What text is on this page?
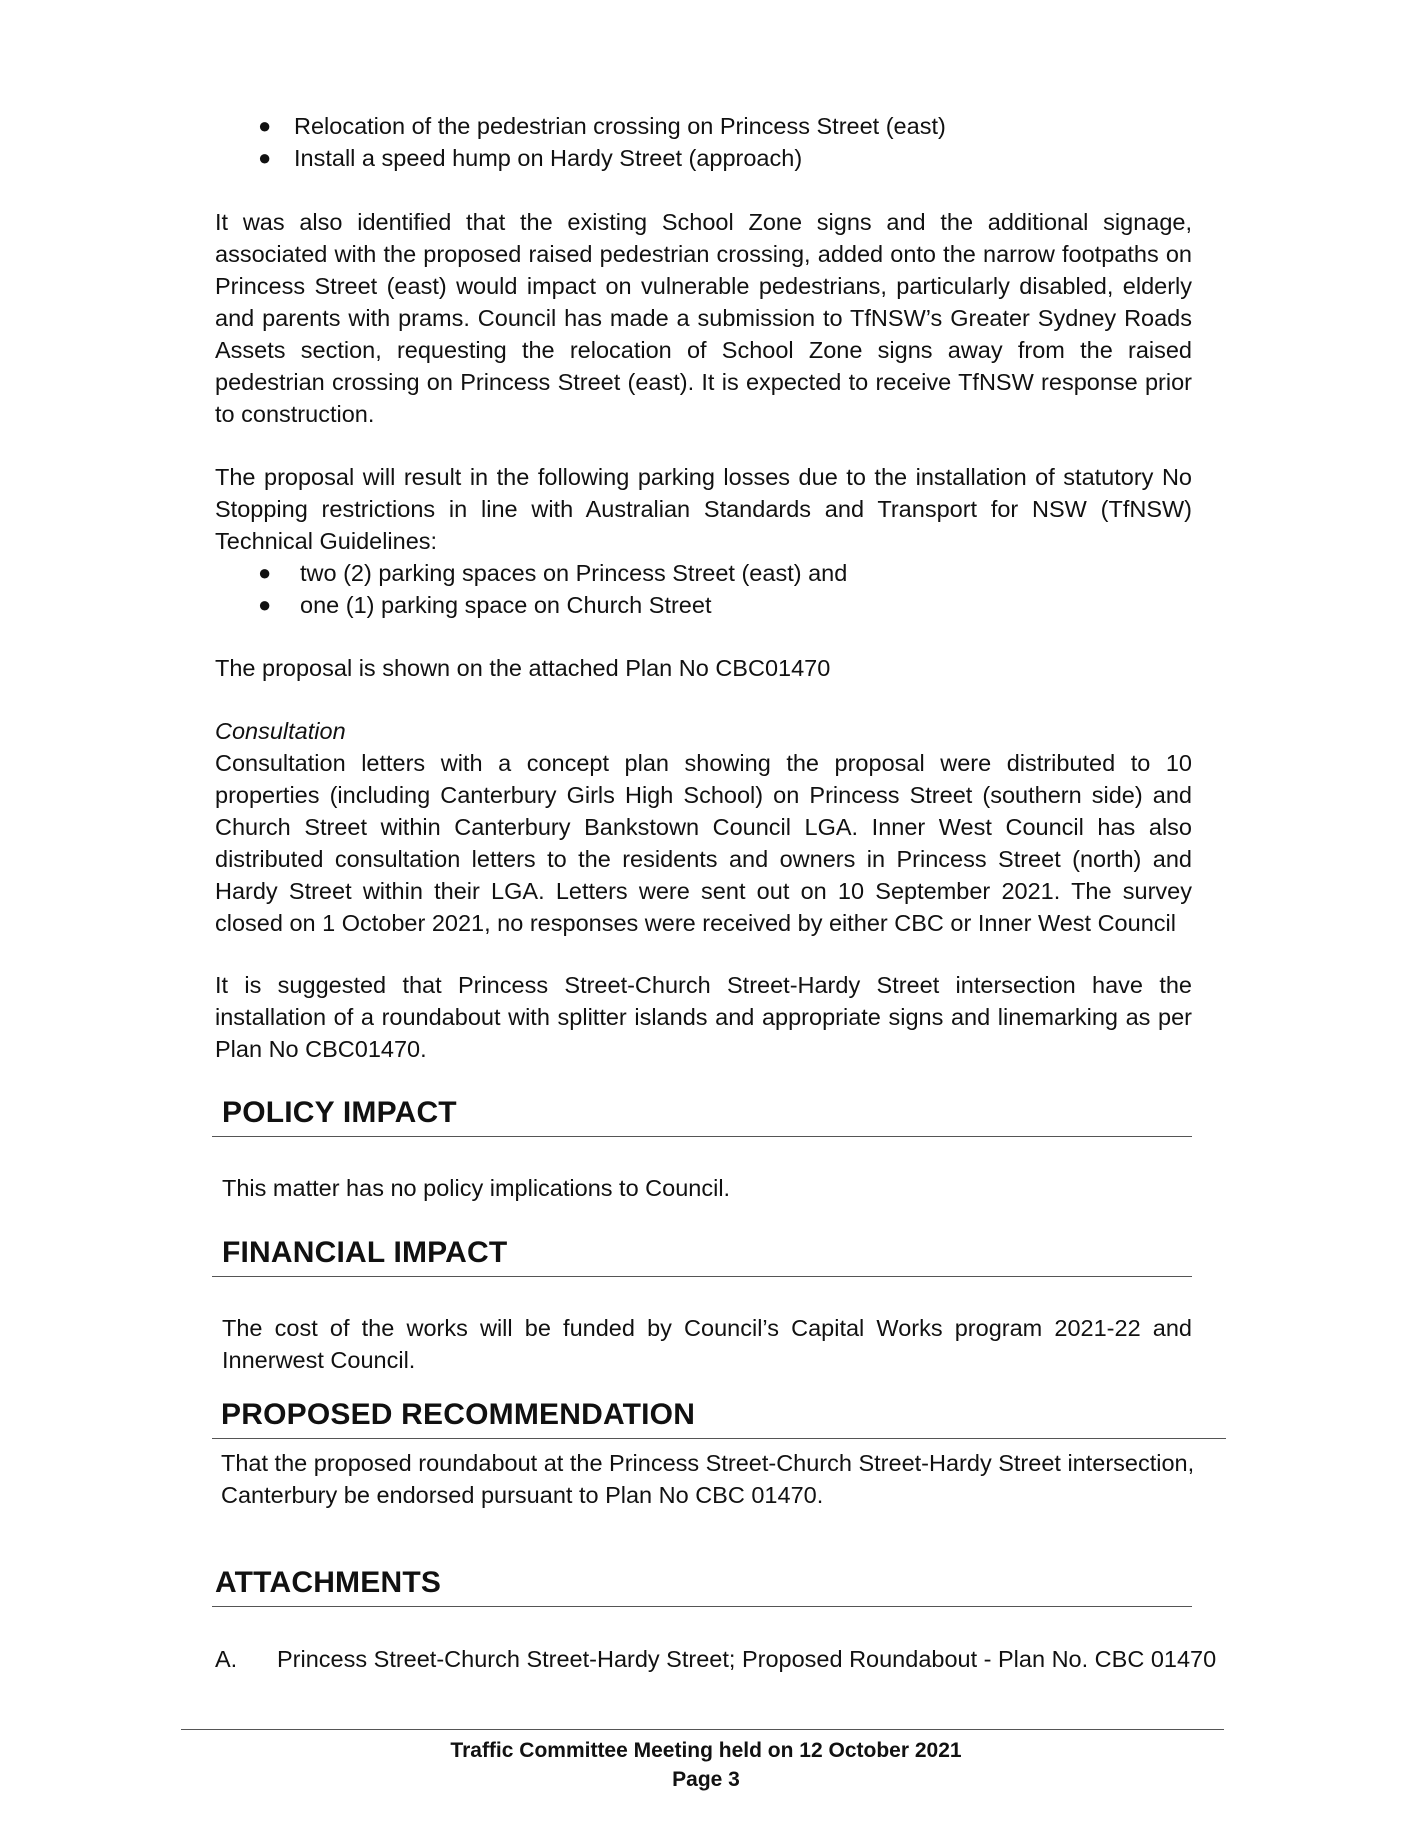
● Relocation of the pedestrian crossing on Princess Street (east)
● Install a speed hump on Hardy Street (approach)

It was also identified that the existing School Zone signs and the additional signage, associated with the proposed raised pedestrian crossing, added onto the narrow footpaths on Princess Street (east) would impact on vulnerable pedestrians, particularly disabled, elderly and parents with prams. Council has made a submission to TfNSW’s Greater Sydney Roads Assets section, requesting the relocation of School Zone signs away from the raised pedestrian crossing on Princess Street (east). It is expected to receive TfNSW response prior to construction.

The proposal will result in the following parking losses due to the installation of statutory No Stopping restrictions in line with Australian Standards and Transport for NSW (TfNSW) Technical Guidelines:

● two (2) parking spaces on Princess Street (east) and
● one (1) parking space on Church Street

The proposal is shown on the attached Plan No CBC01470

Consultation

Consultation letters with a concept plan showing the proposal were distributed to 10 properties (including Canterbury Girls High School) on Princess Street (southern side) and Church Street within Canterbury Bankstown Council LGA. Inner West Council has also distributed consultation letters to the residents and owners in Princess Street (north) and Hardy Street within their LGA. Letters were sent out on 10 September 2021. The survey closed on 1 October 2021, no responses were received by either CBC or Inner West Council

It is suggested that Princess Street-Church Street-Hardy Street intersection have the installation of a roundabout with splitter islands and appropriate signs and linemarking as per Plan No CBC01470.

POLICY IMPACT

This matter has no policy implications to Council.

FINANCIAL IMPACT

The cost of the works will be funded by Council’s Capital Works program 2021-22 and Innerwest Council.

PROPOSED RECOMMENDATION

That the proposed roundabout at the Princess Street-Church Street-Hardy Street intersection, Canterbury be endorsed pursuant to Plan No CBC 01470.

ATTACHMENTS
A. Princess Street-Church Street-Hardy Street; Proposed Roundabout - Plan No. CBC 01470
Traffic Committee Meeting held on 12 October 2021
Page 3
